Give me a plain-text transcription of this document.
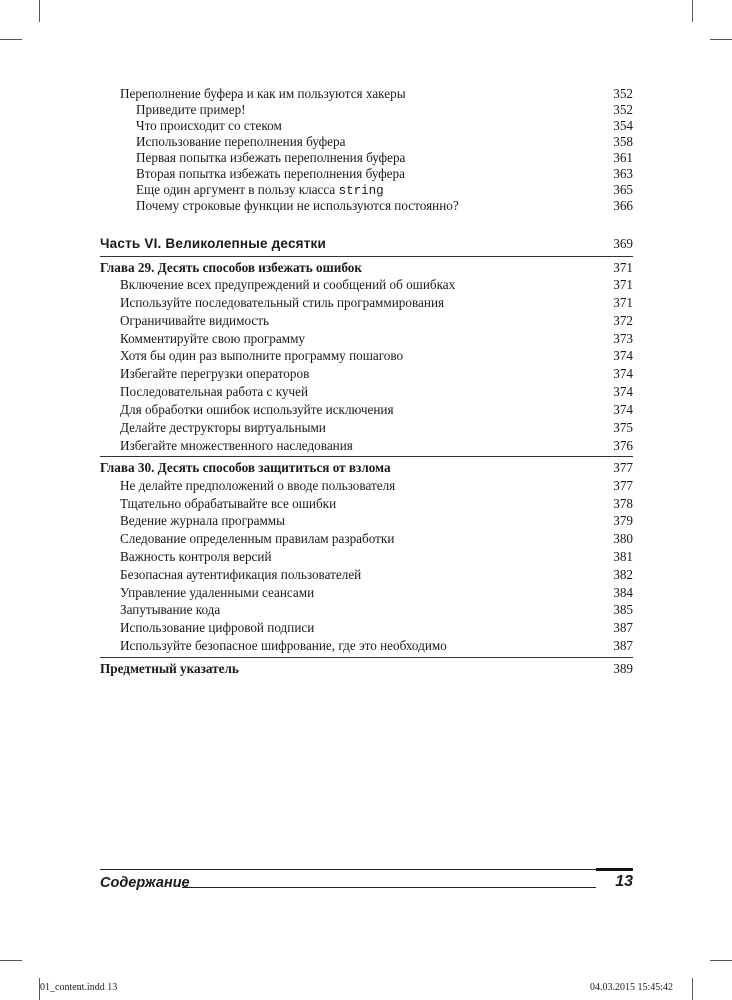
Переполнение буфера и как им пользуются хакеры	352
Приведите пример!	352
Что происходит со стеком	354
Использование переполнения буфера	358
Первая попытка избежать переполнения буфера	361
Вторая попытка избежать переполнения буфера	363
Еще один аргумент в пользу класса string	365
Почему строковые функции не используются постоянно?	366
Часть VI. Великолепные десятки	369
Глава 29. Десять способов избежать ошибок	371
Включение всех предупреждений и сообщений об ошибках	371
Используйте последовательный стиль программирования	371
Ограничивайте видимость	372
Комментируйте свою программу	373
Хотя бы один раз выполните программу пошагово	374
Избегайте перегрузки операторов	374
Последовательная работа с кучей	374
Для обработки ошибок используйте исключения	374
Делайте деструкторы виртуальными	375
Избегайте множественного наследования	376
Глава 30. Десять способов защититься от взлома	377
Не делайте предположений о вводе пользователя	377
Тщательно обрабатывайте все ошибки	378
Ведение журнала программы	379
Следование определенным правилам разработки	380
Важность контроля версий	381
Безопасная аутентификация пользователей	382
Управление удаленными сеансами	384
Запутывание кода	385
Использование цифровой подписи	387
Используйте безопасное шифрование, где это необходимо	387
Предметный указатель	389
Содержание	13
01_content.indd 13	04.03.2015 15:45:42
